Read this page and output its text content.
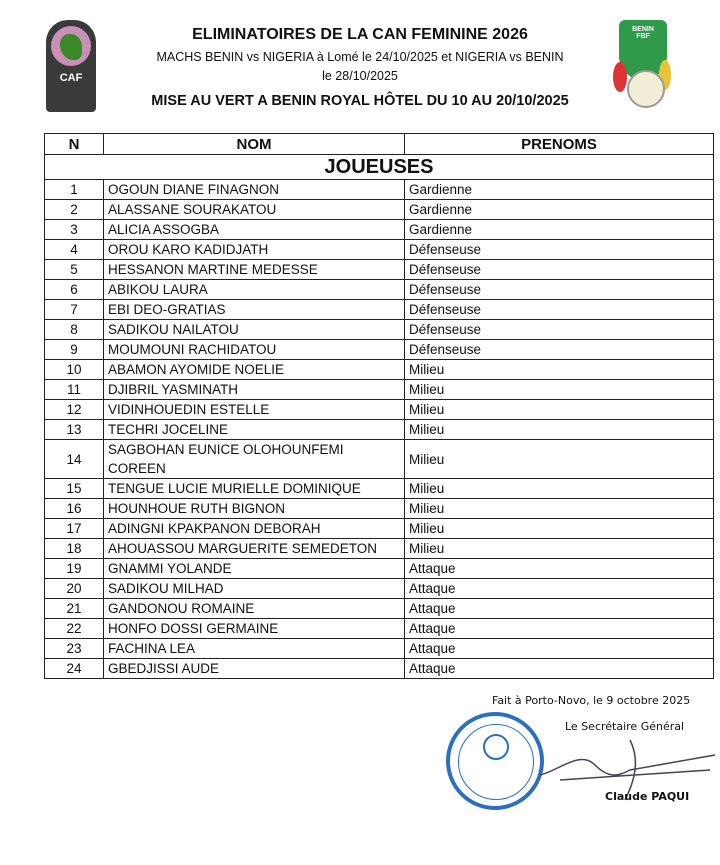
CAF
BENIN
FBF
ELIMINATOIRES DE LA CAN FEMININE 2026
MACHS BENIN vs NIGERIA à Lomé le 24/10/2025 et NIGERIA vs BENIN
le 28/10/2025
MISE AU VERT A BENIN ROYAL HÔTEL DU 10 AU 20/10/2025
N	NOM	PRENOMS
JOUEUSES		
1	OGOUN DIANE FINAGNON	Gardienne
2	ALASSANE SOURAKATOU	Gardienne
3	ALICIA ASSOGBA	Gardienne
4	OROU KARO KADIDJATH	Défenseuse
5	HESSANON MARTINE MEDESSE	Défenseuse
6	ABIKOU LAURA	Défenseuse
7	EBI DEO-GRATIAS	Défenseuse
8	SADIKOU NAILATOU	Défenseuse
9	MOUMOUNI RACHIDATOU	Défenseuse
10	ABAMON AYOMIDE NOELIE	Milieu
11	DJIBRIL YASMINATH	Milieu
12	VIDINHOUEDIN ESTELLE	Milieu
13	TECHRI JOCELINE	Milieu
14	SAGBOHAN EUNICE OLOHOUNFEMI COREEN	Milieu
15	TENGUE LUCIE MURIELLE DOMINIQUE	Milieu
16	HOUNHOUE RUTH BIGNON	Milieu
17	ADINGNI KPAKPANON DEBORAH	Milieu
18	AHOUASSOU MARGUERITE SEMEDETON	Milieu
19	GNAMMI YOLANDE	Attaque
20	SADIKOU MILHAD	Attaque
21	GANDONOU ROMAINE	Attaque
22	HONFO DOSSI GERMAINE	Attaque
23	FACHINA LEA	Attaque
24	GBEDJISSI AUDE	Attaque
Fait à Porto-Novo, le 9 octobre 2025
Le Secrétaire Général
Claude PAQUI
